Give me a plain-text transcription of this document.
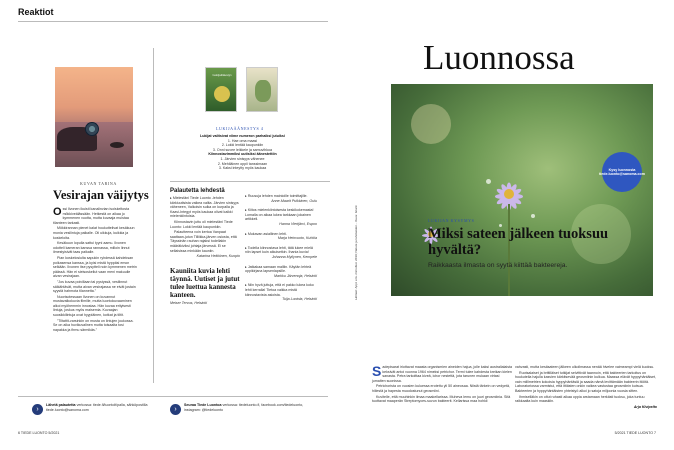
Reaktiot
KUVAN TARINA
Vesirajan väijytys

Ossi Ilvonen ikuisti kanalinvian isoiskeltosta mökkiveälässään. Hetkestä on aikaa jo kymmenen vuotta, mutta kuvaaja muistaa tilanteen tarkasti.

Mökkirannan pienet kalat houkuttelivat kesäkuun monia vesilintuja paikalle. Oli uikkuja, kuikkia ja koskeloita.

Kesäkuun lopulla sattui tyyni aamu. Ilvonen odotteli kameran kanssa rannassa, milloin linnut ilmestyisivät taas paikalle.

Pian koskelosiulta sapukin ryhdessä kahdeksan poikasensa kanssa, ja kyisi mistä hyppäsi emon selkään. Ilvonen itse pysytteli noin kymmenen metrin päässä. Hän ei sieisoskellut vaan meni makuulle aivan vesirajaan.

"Jos kuvaa poivillaan tai pystyssä, vesilinnut säikähtävät, mutta aivan vesirajassa ne eivät jostain syystä hahmota tilannetta."

Nuorisotessaan Ilvonen on kuvannut mustavalkokuvia filmille, mutta luontokuvaaminen alkoi myöhemmin innostaa. Hän kuvaa erityisesti lintuja, joskus myös maisemia. Kuvaajan suosikkilintuja ovat hyypiäinen, kotkat ja tiltit.

"Tiltattit-varsinkin on musta on lintujen joukossa. Se on aika huvikuvalinen mutta toisaalta tosi napakka ja firmu särmikäs."

Lukijaäänestys
LUKIJAÄÄNESTYS 4
Lukijat valitsivat viime numeron parhaiksi jutuiksi
1. Hae oma maasi
2. Lokki lentää kaupunkiin
3. Onni suvee leikkele ja samuvihkoa
Kiinnostavimmiksi uutisiksi äänestettiin
1. Järvien sinisyys vähenee
2. Mehiläinen oppii tanssimaan
3. Kaksi inteytty myös kaukaa
Palautetta lehdestä

▸ Mielestäni Tiede Luonto -lehden kärkiuutisista vaikea valita. Järvien sinisyys väheneen, Valkoisin sulka on kurpalla ja Kaavi-Integyt myös kaukaa olivat kaikki mielenkiintoisia.

Kiinnostavin juttu oli mielestäni Tiede Luonto: Lokki lentää kaupunkiin.

Palautteena voin kertoa Vanpaat saattaan-jutun Tilliikka-järven osiosta, että Täyssinän rauhan rajaksi todellakin määräkiviksi johtaja järvessä. Ei se sellaisissa minkään kauniin.

Katarina Heikkinen, Kuopio
Kauniita kuvia lehti täynnä. Uutiset ja jutut tulee luettua kannesta kanteen.
Meiser Tervus, Helsinki
▸ Ruusuja lehden mainioille toimittajille.
Anne-Maarit Pulkkinen, Oulu
▸ Kiitos mielenkiintoisesta keskikokemasta! Lomalla on aikaa lukea tarkkaan jokainen artikkeli.
Hanna Viertjärvi, Espoo
▸ Mukavan asiallinen lehti.
Marja Heinvuoto, Kuhkla
▸ Todella kiinnostava lehti, tätä lukee mielä niin lapset kuin aikuisetkin. Ihania kuvia!
Johanna Myllynen, Kempele
▸ Jatkakaa samaan malliin. Käytän lehteä oppikirjana lapsenlapsille.
Markku Järvenoja, Helsinki
▸ Niin hyvä juttuja, että ei pakko lukea koko lehti kerralla! Tietoa vaikka mistä kiinnostavista asioista.
Tuija Luotola, Helsinki
›
Lähetä palautetta verkossa: tiede.fi/luontolt/palla, sähköpostilla tiede.luonto@sanoma.com	›
Seuraa Tiede Luontoa verkossa: tiedeluonto.fi, facebook.com/tiedeluonto, instagram: @tiedeluonto
6 TIEDE LUONTO 5/2021
Luonnossa
Kysy luonnosta tiede.luonto@sanoma.com
Lähteet: Appl. env. microbiol. 2019; Nature ja tuholaisten... Kuva: Istock	LUKIJAN KYSYMYS
Miksi sateen jälkeen tuoksuu hyvältä?
Raikkaasta ilmasta on syytä kiittää bakteereja.

Sadepisarat iriottavat maasta organismien aineiden hajua, jolle kaksi australialaista keksivät antoi vuonna 1964 nimeksi petrichor. Termi tulee kahdesta kreikan kielen sanasta. Petra tarkoittaa kiveä, ichor nestettä, jota tarunen mukaan virtasi jumalten suonissa.

Petrichorista on vuosien kuluessa erotettu yli 50 aineosaa. Niistä tärkein on vedyetä, hiilestä ja hapesta muodostunut geosmiini.

Kuvitelle, että muuhinkin ilmaa maakellarissa. Muheva lemu on juuri geosmiinia. Sitä tuottavat maaperän Streptomyces-suvun bakteerit. Kellarissa maa hohkii

vahvasti, mutta kesäsateen jälkeen ulkoilmassa nenää hivelee vaimeampi vielä kuoksu.

Ruotsalaiset ja brittiläiset tutkijat selvittivät taannoin, että bakteerien tarkoitus on houkutella hajulla kasvien kärkitsevää geosmiinin kulkua. Maassa elävät hyppyhäntäiset, vain millimetrien kokoisia hyppyhäntäsiä ja saada nämä levittämään bakteerin itiöitä. Laboratoriossa varmistui, että ittiästen onkin vaikea vastustaa geosmiinin kutsua. Bakteerien ja hyppyhäntäisten yhteistyö alkoi jo satoja miljoonia vuosia sitten.

Ihmiselläkin on oltut ruhasti aikaa oppia arstamaan herkästi tuoksu, joka tuntuu raikkaalta kuin maaskiin.

Arja Kivipelto
5/2021 TIEDE LUONTO 7
